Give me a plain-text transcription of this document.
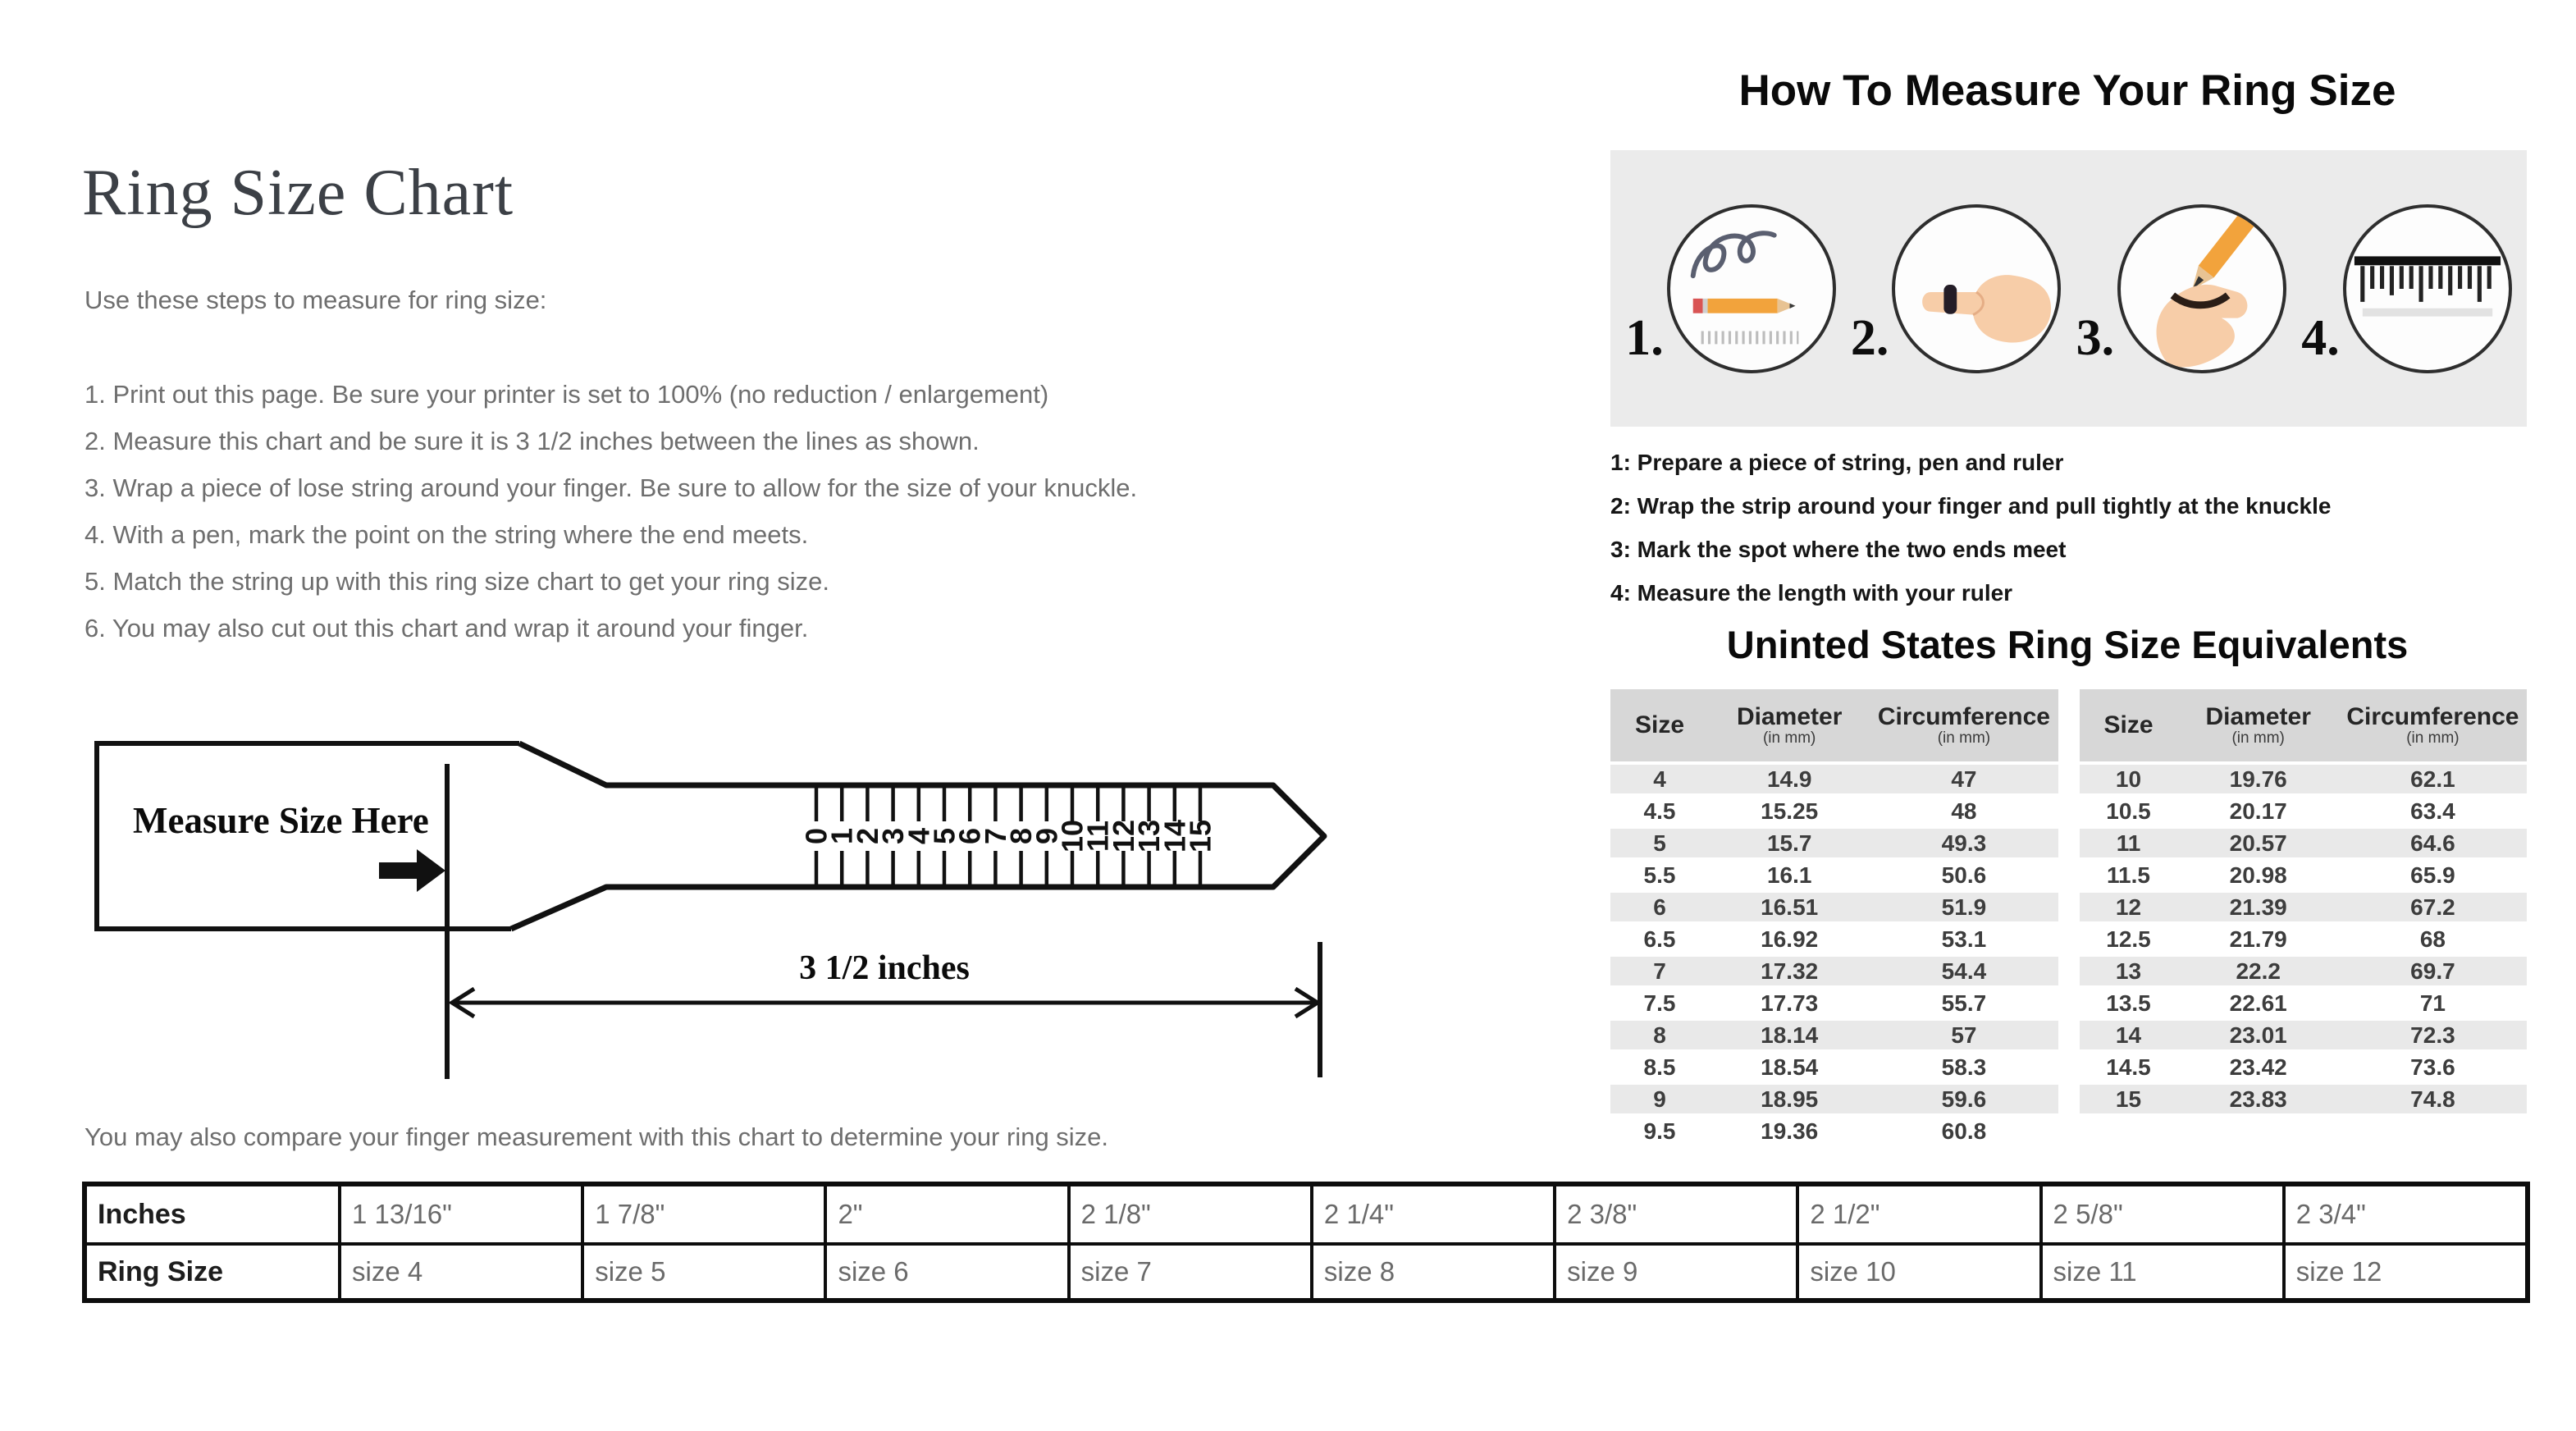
Ring Size Chart
Use these steps to measure for ring size:
1. Print out this page. Be sure your printer is set to 100% (no reduction / enlargement)
2. Measure this chart and be sure it is 3 1/2 inches between the lines as shown.
3. Wrap a piece of lose string around your finger. Be sure to allow for the size of your knuckle.
4. With a pen, mark the point on the string where the end meets.
5. Match the string up with this ring size chart to get your ring size.
6. You may also cut out this chart and wrap it around your finger.
Measure Size Here	0
1
2
3
4
5
6
7
8
9
10
11
12
13
14
15
3 1/2 inches
You may also compare your finger measurement with this chart to determine your ring size.
Inches	1 13/16"	1 7/8"	2"	2 1/8"	2 1/4"	2 3/8"	2 1/2"	2 5/8"	2 3/4"
Ring Size	size 4	size 5	size 6	size 7	size 8	size 9	size 10	size 11	size 12
How To Measure Your Ring Size
1.	2.	3.	4.
1: Prepare a piece of string, pen and ruler
2: Wrap the strip around your finger and pull tightly at the knuckle
3: Mark the spot where the two ends meet
4: Measure the length with your ruler
Uninted States Ring Size Equivalents
Size	Diameter
(in mm)
Circumference
(in mm)
4	14.9	47
4.5	15.25	48
5	15.7	49.3
5.5	16.1	50.6
6	16.51	51.9
6.5	16.92	53.1
7	17.32	54.4
7.5	17.73	55.7
8	18.14	57
8.5	18.54	58.3
9	18.95	59.6
9.5	19.36	60.8
Size	Diameter
(in mm)
Circumference
(in mm)
10	19.76	62.1
10.5	20.17	63.4
11	20.57	64.6
11.5	20.98	65.9
12	21.39	67.2
12.5	21.79	68
13	22.2	69.7
13.5	22.61	71
14	23.01	72.3
14.5	23.42	73.6
15	23.83	74.8
